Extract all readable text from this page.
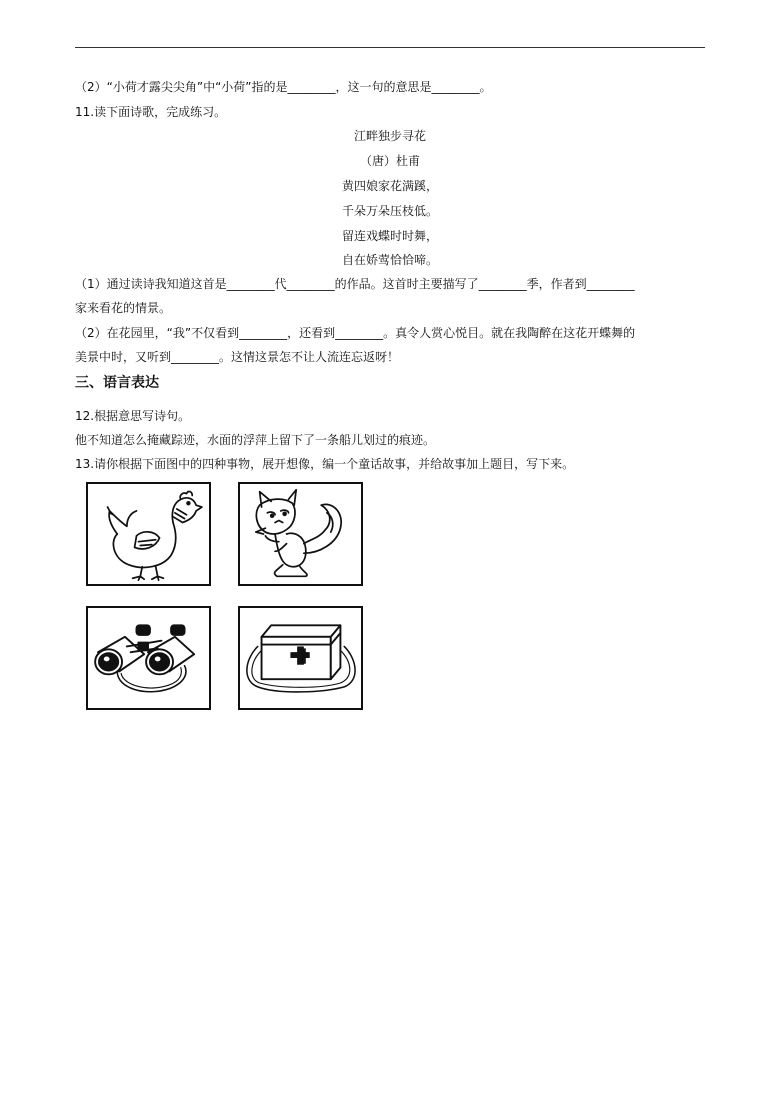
（2）“小荷才露尖尖角”中“小荷”指的是________，这一句的意思是________。
11.读下面诗歌，完成练习。
江畔独步寻花
（唐）杜甫
黄四娘家花满蹊，
千朵万朵压枝低。
留连戏蝶时时舞，
自在娇莺恰恰啼。
（1）通过读诗我知道这首是________代________的作品。这首时主要描写了________季，作者到________
家来看花的情景。
（2）在花园里，“我”不仅看到________，还看到________。真令人赏心悦目。就在我陶醉在这花开蝶舞的
美景中时，又听到________。这情这景怎不让人流连忘返呀！
三、语言表达
12.根据意思写诗句。
他不知道怎么掩藏踪迹，水面的浮萍上留下了一条船儿划过的痕迹。
13.请你根据下面图中的四种事物，展开想像，编一个童话故事，并给故事加上题目，写下来。
